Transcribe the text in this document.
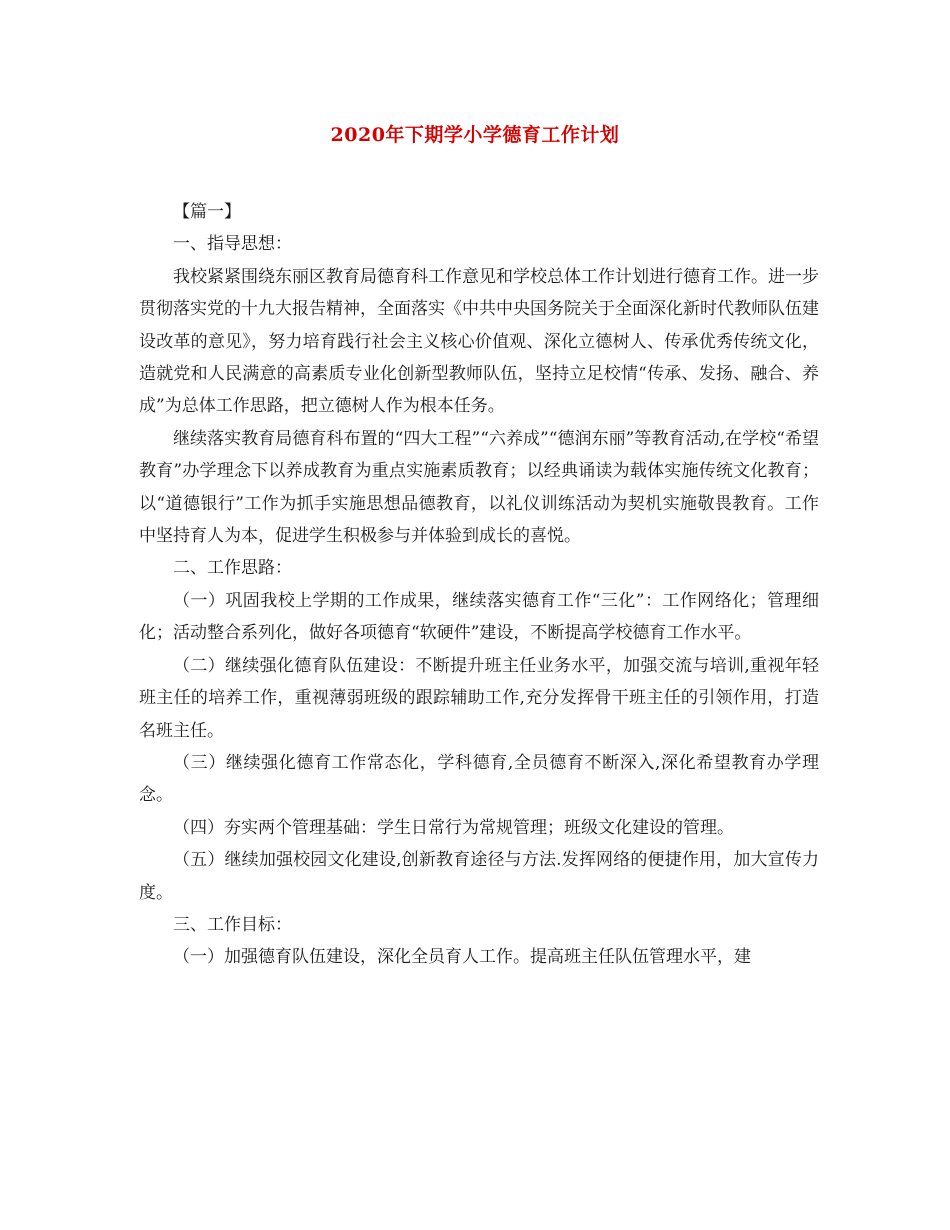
2020年下期学小学德育工作计划

【篇一】

一、指导思想：

我校紧紧围绕东丽区教育局德育科工作意见和学校总体工作计划进行德育工作。进一步贯彻落实党的十九大报告精神，全面落实《中共中央国务院关于全面深化新时代教师队伍建设改革的意见》，努力培育践行社会主义核心价值观、深化立德树人、传承优秀传统文化，造就党和人民满意的高素质专业化创新型教师队伍，坚持立足校情“传承、发扬、融合、养成”为总体工作思路，把立德树人作为根本任务。

继续落实教育局德育科布置的“四大工程”“六养成”“德润东丽”等教育活动,在学校“希望教育”办学理念下以养成教育为重点实施素质教育；以经典诵读为载体实施传统文化教育；以“道德银行”工作为抓手实施思想品德教育，以礼仪训练活动为契机实施敬畏教育。工作中坚持育人为本，促进学生积极参与并体验到成长的喜悦。

二、工作思路：

（一）巩固我校上学期的工作成果，继续落实德育工作“三化”：工作网络化；管理细化；活动整合系列化，做好各项德育“软硬件”建设，不断提高学校德育工作水平。

（二）继续强化德育队伍建设：不断提升班主任业务水平，加强交流与培训,重视年轻班主任的培养工作，重视薄弱班级的跟踪辅助工作,充分发挥骨干班主任的引领作用，打造名班主任。

（三）继续强化德育工作常态化，学科德育,全员德育不断深入,深化希望教育办学理念。

（四）夯实两个管理基础：学生日常行为常规管理；班级文化建设的管理。

（五）继续加强校园文化建设,创新教育途径与方法.发挥网络的便捷作用，加大宣传力度。

三、工作目标：

（一）加强德育队伍建设，深化全员育人工作。提高班主任队伍管理水平，建
